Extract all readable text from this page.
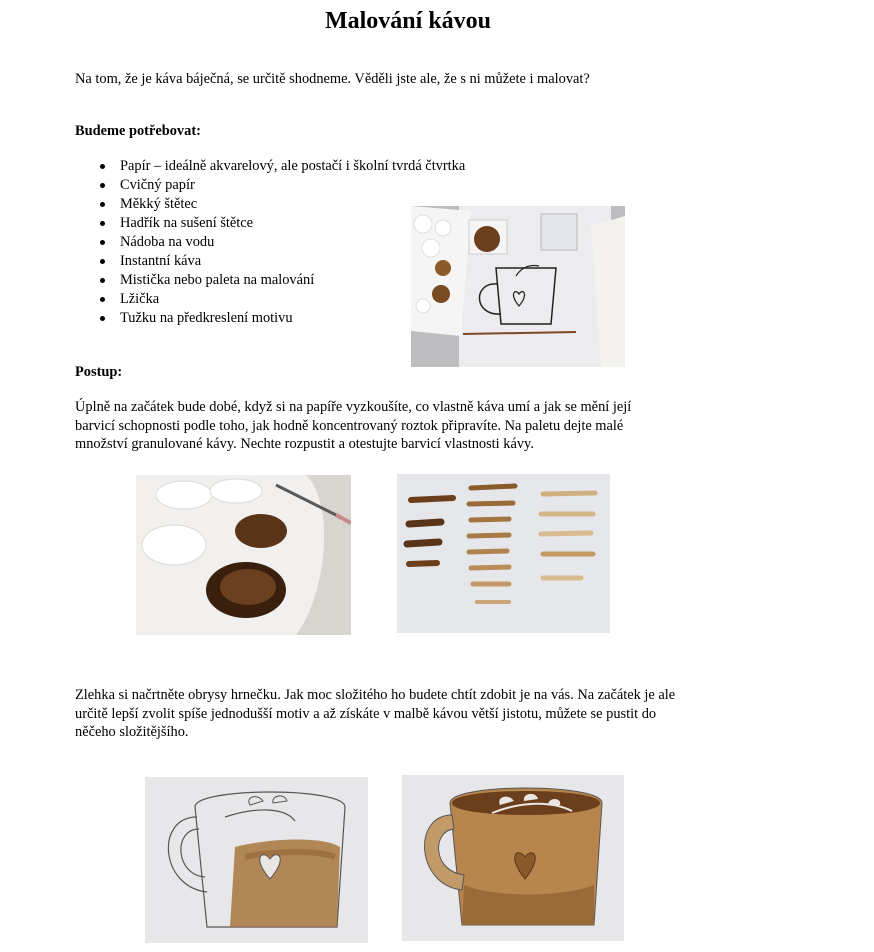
Malování kávou
Na tom, že je káva báječná, se určitě shodneme. Věděli jste ale, že s ni můžete i malovat?
Budeme potřebovat:
Papír – ideálně akvarelový, ale postačí i školní tvrdá čtvrtka
Cvičný papír
Měkký štětec
Hadřík na sušení štětce
Nádoba na vodu
Instantní káva
Mistička nebo paleta na malování
Lžička
Tužku na předkreslení motivu
Postup:
Úplně na začátek bude dobé, když si na papíře vyzkoušíte, co vlastně káva umí a jak se mění její
barvicí schopnosti podle toho, jak hodně koncentrovaný roztok připravíte. Na paletu dejte malé
množství granulované kávy. Nechte rozpustit a otestujte barvicí vlastnosti kávy.
Zlehka si načrtněte obrysy hrnečku. Jak moc složitého ho budete chtít zdobit je na vás. Na začátek je ale
určitě lepší zvolit spíše jednodušší motiv a až získáte v malbě kávou větší jistotu, můžete se pustit do
něčeho složitějšího.
